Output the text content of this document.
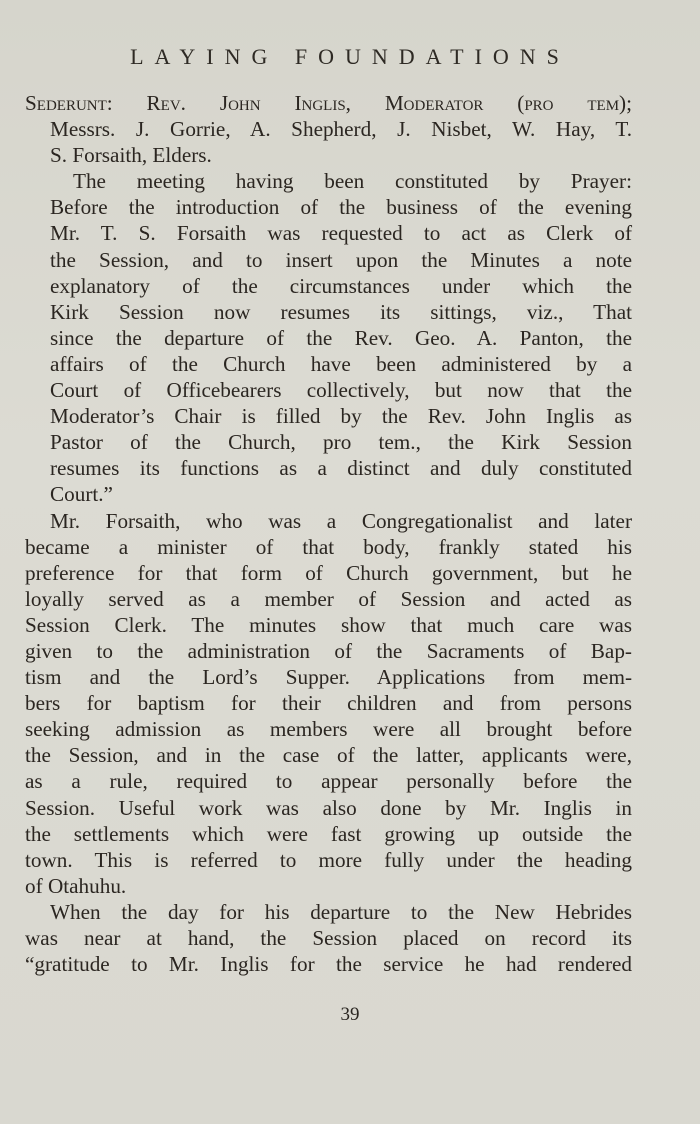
LAYING FOUNDATIONS
Sederunt: Rev. John Inglis, Moderator (pro tem);
Messrs. J. Gorrie, A. Shepherd, J. Nisbet, W. Hay, T.
S. Forsaith, Elders.
The meeting having been constituted by Prayer:
Before the introduction of the business of the evening
Mr. T. S. Forsaith was requested to act as Clerk of
the Session, and to insert upon the Minutes a note
explanatory of the circumstances under which the
Kirk Session now resumes its sittings, viz., That
since the departure of the Rev. Geo. A. Panton, the
affairs of the Church have been administered by a
Court of Officebearers collectively, but now that the
Moderator’s Chair is filled by the Rev. John Inglis as
Pastor of the Church, pro tem., the Kirk Session
resumes its functions as a distinct and duly constituted
Court.”
Mr. Forsaith, who was a Congregationalist and later
became a minister of that body, frankly stated his
preference for that form of Church government, but he
loyally served as a member of Session and acted as
Session Clerk. The minutes show that much care was
given to the administration of the Sacraments of Bap-
tism and the Lord’s Supper. Applications from mem-
bers for baptism for their children and from persons
seeking admission as members were all brought before
the Session, and in the case of the latter, applicants were,
as a rule, required to appear personally before the
Session. Useful work was also done by Mr. Inglis in
the settlements which were fast growing up outside the
town. This is referred to more fully under the heading
of Otahuhu.
When the day for his departure to the New Hebrides
was near at hand, the Session placed on record its
“gratitude to Mr. Inglis for the service he had rendered
39
